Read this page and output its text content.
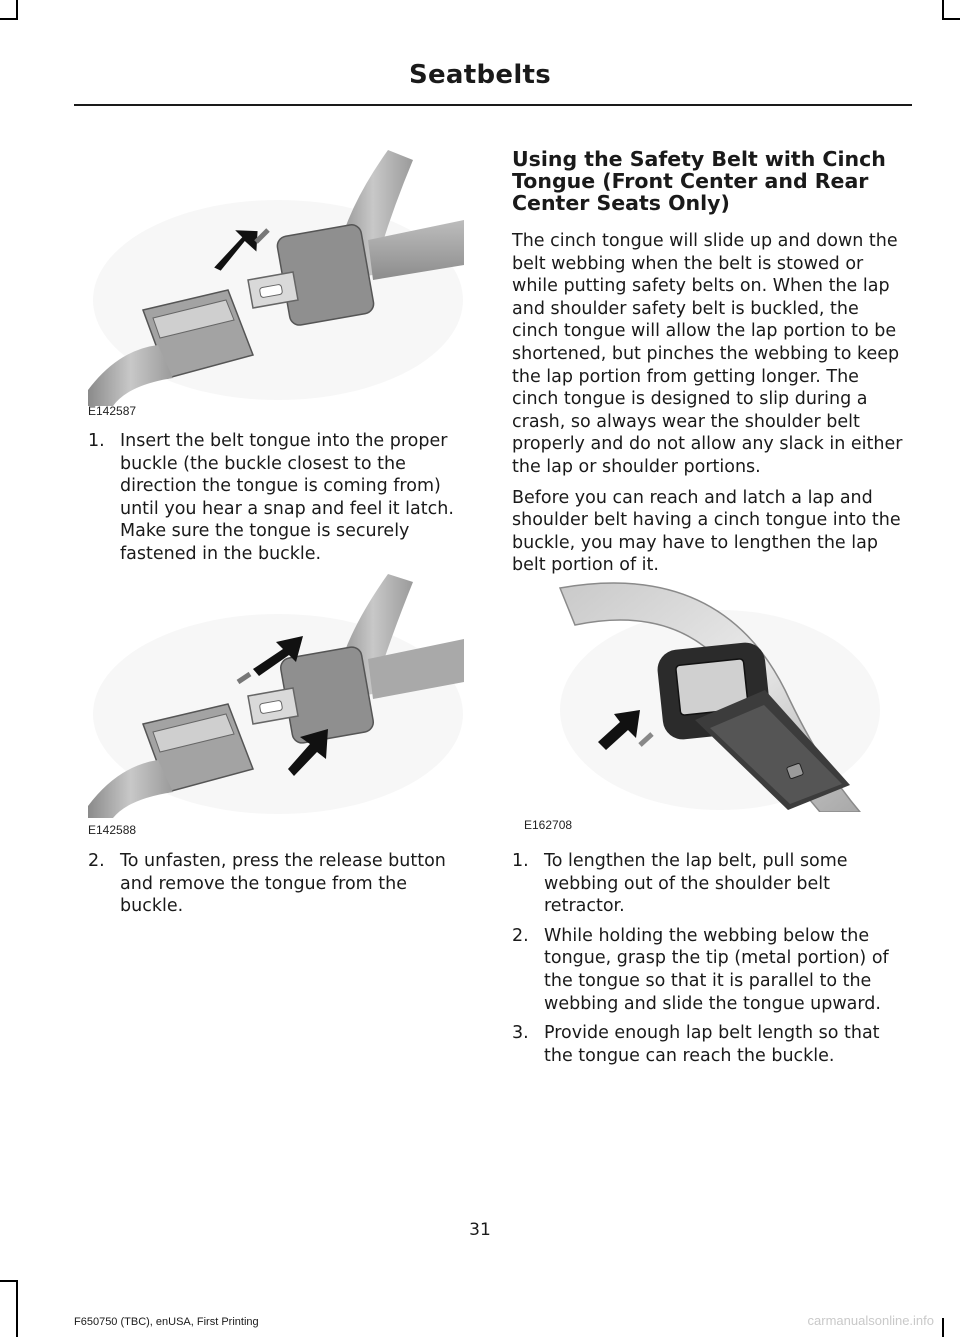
Seatbelts
E142587
1. Insert the belt tongue into the proper buckle (the buckle closest to the direction the tongue is coming from) until you hear a snap and feel it latch. Make sure the tongue is securely fastened in the buckle.
E142588
2. To unfasten, press the release button and remove the tongue from the buckle.
Using the Safety Belt with Cinch Tongue (Front Center and Rear Center Seats Only)

The cinch tongue will slide up and down the belt webbing when the belt is stowed or while putting safety belts on. When the lap and shoulder safety belt is buckled, the cinch tongue will allow the lap portion to be shortened, but pinches the webbing to keep the lap portion from getting longer. The cinch tongue is designed to slip during a crash, so always wear the shoulder belt properly and do not allow any slack in either the lap or shoulder portions.

Before you can reach and latch a lap and shoulder belt having a cinch tongue into the buckle, you may have to lengthen the lap belt portion of it.

E162708
1. To lengthen the lap belt, pull some webbing out of the shoulder belt retractor.
2. While holding the webbing below the tongue, grasp the tip (metal portion) of the tongue so that it is parallel to the webbing and slide the tongue upward.
3. Provide enough lap belt length so that the tongue can reach the buckle.
31
F650750 (TBC), enUSA, First Printing	carmanualsonline.info
